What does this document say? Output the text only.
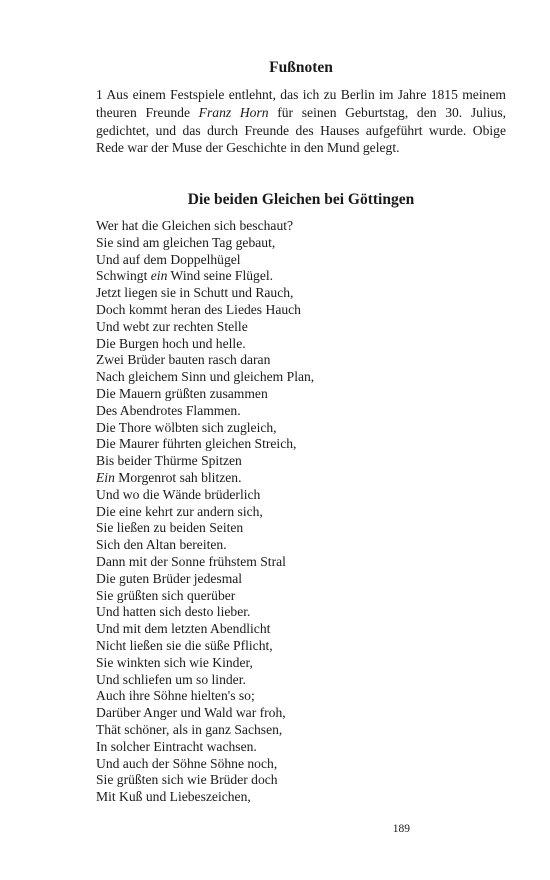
Fußnoten

1 Aus einem Festspiele entlehnt, das ich zu Berlin im Jahre 1815 meinem theuren Freunde Franz Horn für seinen Geburtstag, den 30. Julius, gedichtet, und das durch Freunde des Hauses aufgeführt wurde. Obige Rede war der Muse der Geschichte in den Mund gelegt.

Die beiden Gleichen bei Göttingen
Wer hat die Gleichen sich beschaut?
Sie sind am gleichen Tag gebaut,
Und auf dem Doppelhügel
Schwingt ein Wind seine Flügel.
Jetzt liegen sie in Schutt und Rauch,
Doch kommt heran des Liedes Hauch
Und webt zur rechten Stelle
Die Burgen hoch und helle.
Zwei Brüder bauten rasch daran
Nach gleichem Sinn und gleichem Plan,
Die Mauern grüßten zusammen
Des Abendrotes Flammen.
Die Thore wölbten sich zugleich,
Die Maurer führten gleichen Streich,
Bis beider Thürme Spitzen
Ein Morgenrot sah blitzen.
Und wo die Wände brüderlich
Die eine kehrt zur andern sich,
Sie ließen zu beiden Seiten
Sich den Altan bereiten.
Dann mit der Sonne frühstem Stral
Die guten Brüder jedesmal
Sie grüßten sich querüber
Und hatten sich desto lieber.
Und mit dem letzten Abendlicht
Nicht ließen sie die süße Pflicht,
Sie winkten sich wie Kinder,
Und schliefen um so linder.
Auch ihre Söhne hielten's so;
Darüber Anger und Wald war froh,
Thät schöner, als in ganz Sachsen,
In solcher Eintracht wachsen.
Und auch der Söhne Söhne noch,
Sie grüßten sich wie Brüder doch
Mit Kuß und Liebeszeichen,
189
